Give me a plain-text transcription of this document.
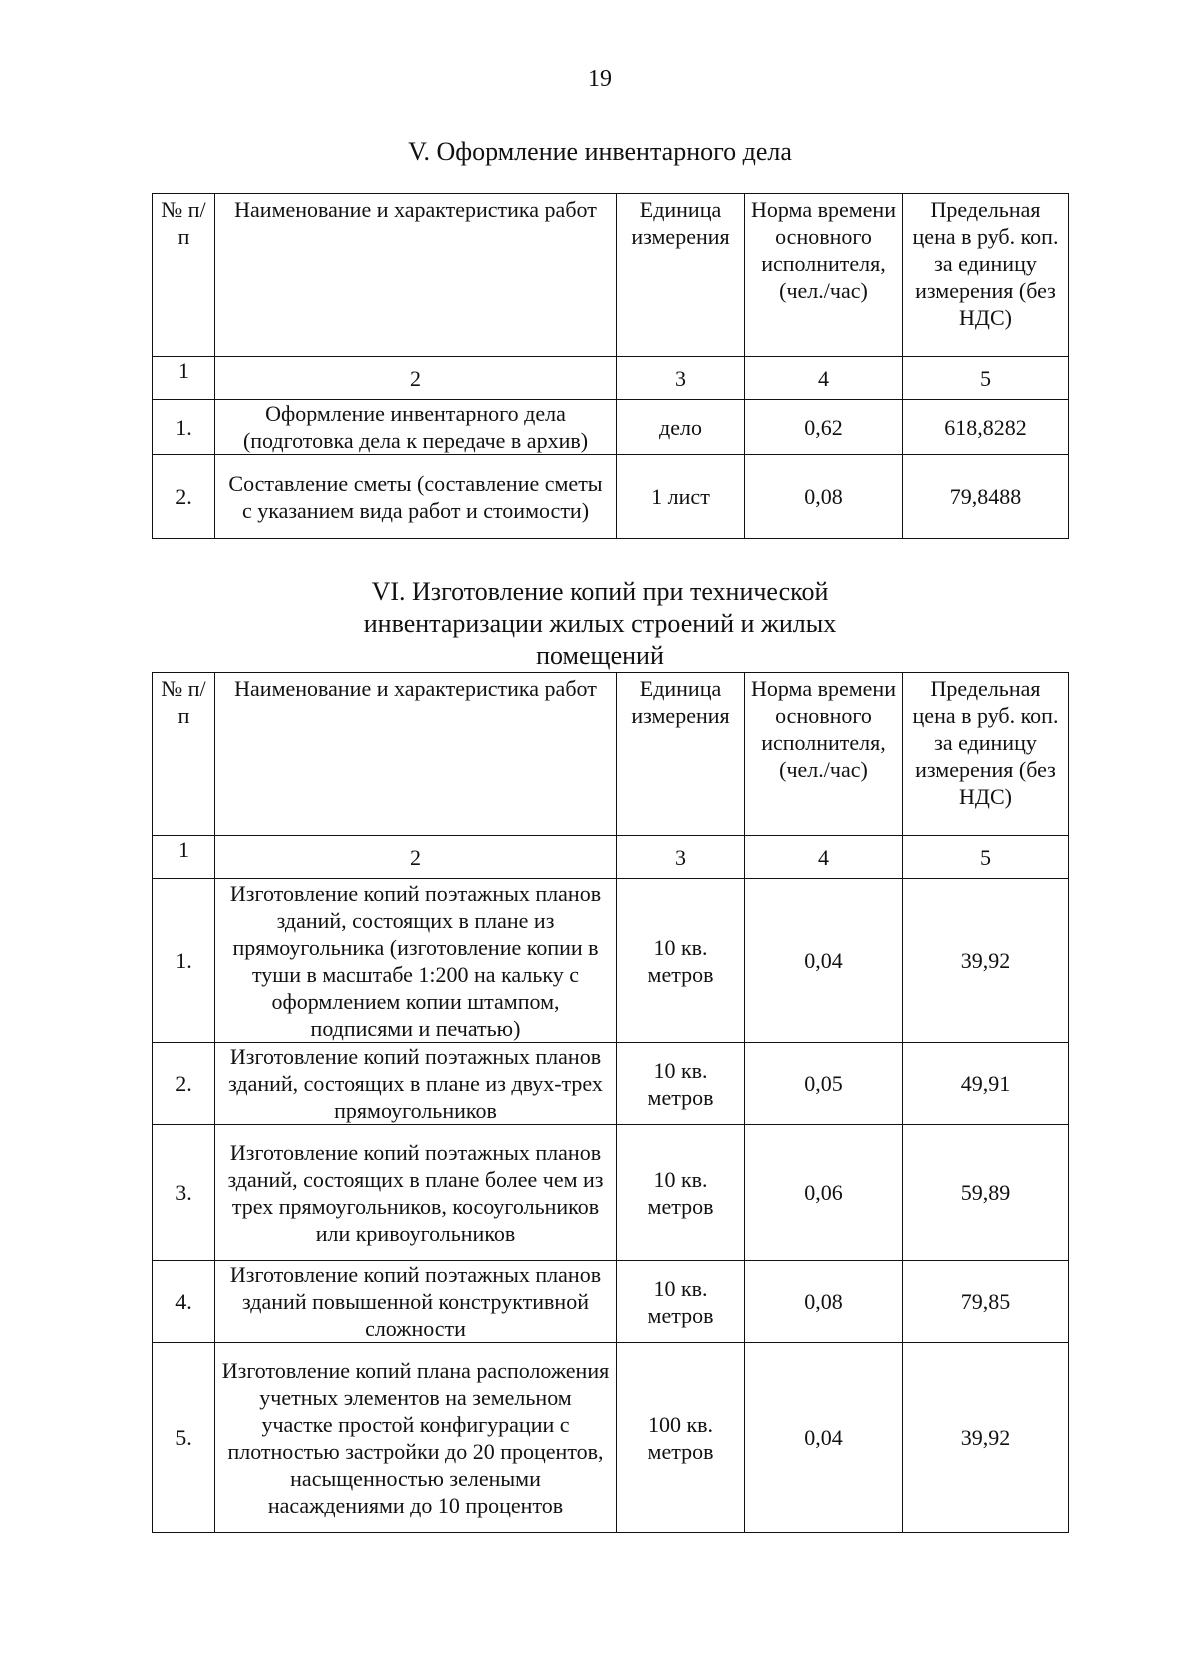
19
V. Оформление инвентарного дела
№ п/п	Наименование и характеристика работ	Единица измерения	Норма времени основного исполнителя, (чел./час)	Предельная цена в руб. коп. за единицу измерения (без НДС)
1	2	3	4	5
1.	Оформление инвентарного дела (подготовка дела к передаче в архив)	дело	0,62	618,8282
2.	Составление сметы (составление сметы с указанием вида работ и стоимости)	1 лист	0,08	79,8488
VI. Изготовление копий при технической инвентаризации жилых строений и жилых помещений
№ п/п	Наименование и характеристика работ	Единица измерения	Норма времени основного исполнителя, (чел./час)	Предельная цена в руб. коп. за единицу измерения (без НДС)
1	2	3	4	5
1.	Изготовление копий поэтажных планов зданий, состоящих в плане из прямоугольника (изготовление копии в туши в масштабе 1:200 на кальку с оформлением копии штампом, подписями и печатью)	10 кв. метров	0,04	39,92
2.	Изготовление копий поэтажных планов зданий, состоящих в плане из двух-трех прямоугольников	10 кв. метров	0,05	49,91
3.	Изготовление копий поэтажных планов зданий, состоящих в плане более чем из трех прямоугольников, косоугольников или кривоугольников	10 кв. метров	0,06	59,89
4.	Изготовление копий поэтажных планов зданий повышенной конструктивной сложности	10 кв. метров	0,08	79,85
5.	Изготовление копий плана расположения учетных элементов на земельном участке простой конфигурации с плотностью застройки до 20 процентов, насыщенностью зелеными насаждениями до 10 процентов	100 кв. метров	0,04	39,92
